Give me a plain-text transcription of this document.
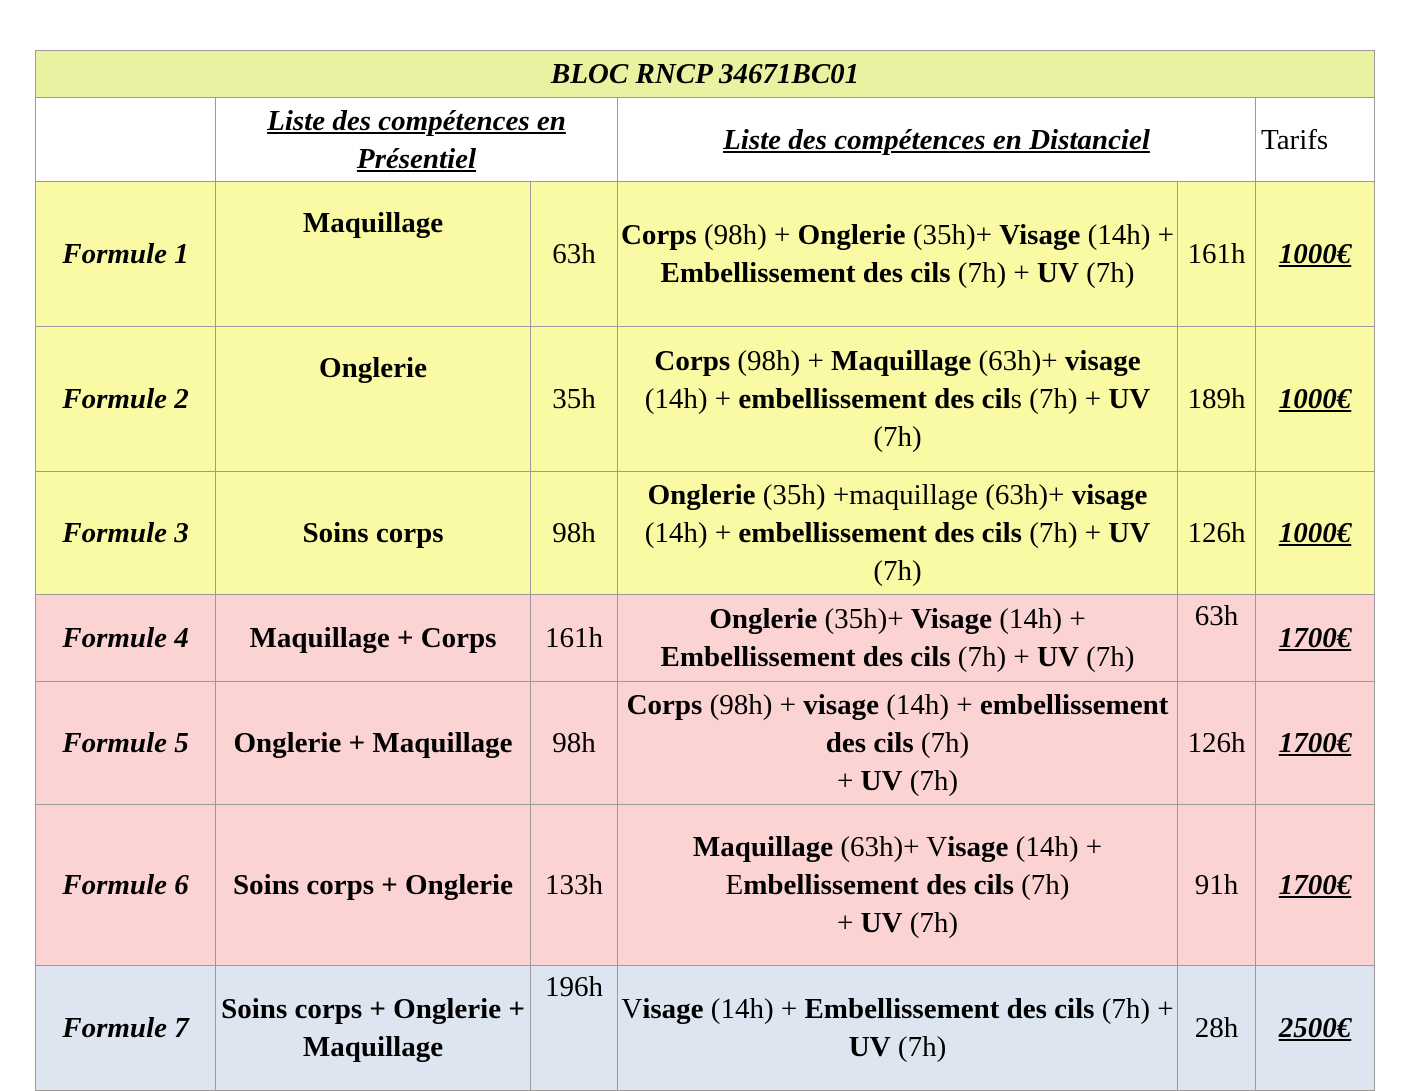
BLOC RNCP 34671BC01					
	Liste des compétences en Présentiel		Liste des compétences en Distanciel		Tarifs
Formule 1	Maquillage	63h	Corps (98h) + Onglerie (35h)+ Visage (14h) + Embellissement des cils (7h) + UV (7h)	161h	1000€
Formule 2	Onglerie	35h	Corps (98h) + Maquillage (63h)+ visage (14h) + embellissement des cils (7h) + UV (7h)	189h	1000€
Formule 3	Soins corps	98h	Onglerie (35h) +maquillage (63h)+ visage (14h) + embellissement des cils (7h) + UV (7h)	126h	1000€
Formule 4	Maquillage + Corps	161h	Onglerie (35h)+ Visage (14h) + Embellissement des cils (7h) + UV (7h)	63h	1700€
Formule 5	Onglerie + Maquillage	98h	Corps (98h) + visage (14h) + embellissement des cils (7h)
+ UV (7h)	126h	1700€
Formule 6	Soins corps + Onglerie	133h	Maquillage (63h)+ Visage (14h) + Embellissement des cils (7h)
+ UV (7h)	91h	1700€
Formule 7	Soins corps + Onglerie + Maquillage	196h	Visage (14h) + Embellissement des cils (7h) + UV (7h)	28h	2500€
